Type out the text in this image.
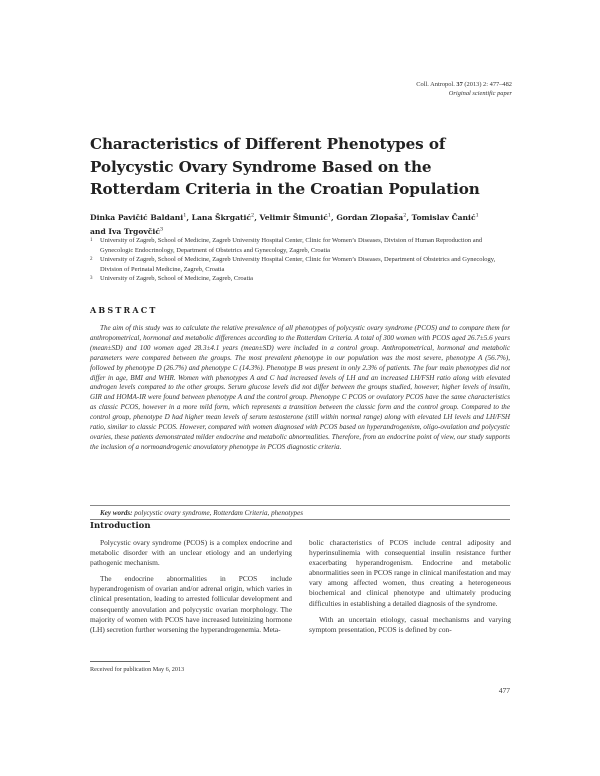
Coll. Antropol. 37 (2013) 2: 477–482
Original scientific paper
Characteristics of Different Phenotypes of Polycystic Ovary Syndrome Based on the Rotterdam Criteria in the Croatian Population
Dinka Pavičić Baldani$^1$, Lana Škrgatić$^2$, Velimir Šimunić$^1$, Gordan Zlopaša$^2$, Tomislav Čanić$^1$
and Iva Trgovčić$^3$
1	University of Zagreb, School of Medicine, Zagreb University Hospital Center, Clinic for Women’s Diseases, Division of Human Reproduction and Gynecologic Endocrinology, Department of Obstetrics and Gynecology, Zagreb, Croatia
2	University of Zagreb, School of Medicine, Zagreb University Hospital Center, Clinic for Women’s Diseases, Department of Obstetrics and Gynecology, Division of Perinatal Medicine, Zagreb, Croatia
3	University of Zagreb, School of Medicine, Zagreb, Croatia
ABSTRACT

The aim of this study was to calculate the relative prevalence of all phenotypes of polycystic ovary syndrome (PCOS) and to compare them for anthropometrical, hormonal and metabolic differences according to the Rotterdam Criteria. A total of 300 women with PCOS aged 26.7±5.6 years (mean±SD) and 100 women aged 28.3±4.1 years (mean±SD) were included in a control group. Anthropometrical, hormonal and metabolic parameters were compared between the groups. The most prevalent phenotype in our population was the most severe, phenotype A (56.7%), followed by phenotype D (26.7%) and phenotype C (14.3%). Phenotype B was present in only 2.3% of patients. The four main phenotypes did not differ in age, BMI and WHR. Women with phenotypes A and C had increased levels of LH and an increased LH/FSH ratio along with elevated androgen levels compared to the other groups. Serum glucose levels did not differ between the groups studied, however, higher levels of insulin, GIR and HOMA-IR were found between phenotype A and the control group. Phenotype C PCOS or ovulatory PCOS have the same characteristics as classic PCOS, however in a more mild form, which represents a transition between the classic form and the control group. Compared to the control group, phenotype D had higher mean levels of serum testosterone (still within normal range) along with elevated LH levels and LH/FSH ratio, similar to classic PCOS. However, compared with women diagnosed with PCOS based on hyperandrogenism, oligo-ovulation and polycystic ovaries, these patients demonstrated milder endocrine and metabolic abnormalities. Therefore, from an endocrine point of view, our study supports the inclusion of a normoandrogenic anovulatory phenotype in PCOS diagnostic criteria.

Key words: polycystic ovary syndrome, Rotterdam Criteria, phenotypes
Introduction

Polycystic ovary syndrome (PCOS) is a complex endocrine and metabolic disorder with an unclear etiology and an underlying pathogenic mechanism.

The endocrine abnormalities in PCOS include hyperandrogenism of ovarian and/or adrenal origin, which varies in clinical presentation, leading to arrested follicular development and consequently anovulation and polycystic ovarian morphology. The majority of women with PCOS have increased luteinizing hormone (LH) secretion further worsening the hyperandrogenemia. Meta-

bolic characteristics of PCOS include central adiposity and hyperinsulinemia with consequential insulin resistance further exacerbating hyperandrogenism. Endocrine and metabolic abnormalities seen in PCOS range in clinical manifestation and may vary among affected women, thus creating a heterogeneous biochemical and clinical phenotype and ultimately producing difficulties in establishing a detailed diagnosis of the syndrome.

With an uncertain etiology, casual mechanisms and varying symptom presentation, PCOS is defined by con-

Received for publication May 6, 2013
477
